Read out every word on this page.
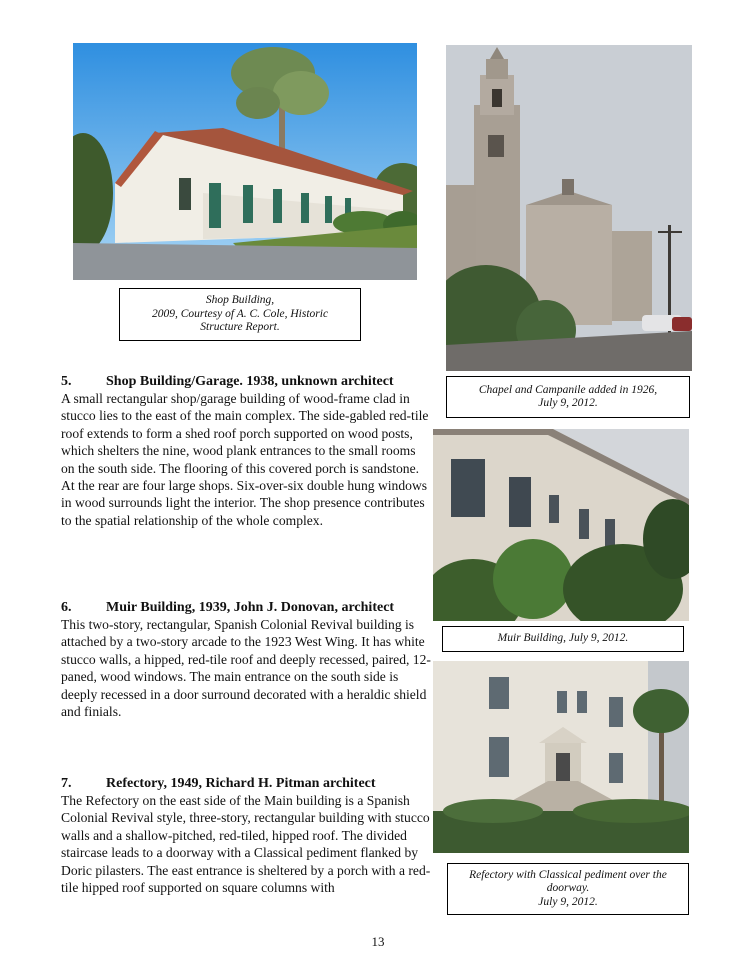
Shop Building,
2009, Courtesy of A. C. Cole, Historic
Structure Report.
Chapel and Campanile added in 1926,
July 9, 2012.
Muir Building, July 9, 2012.
Refectory with Classical pediment over the
doorway.
July 9, 2012.
5.	Shop Building/Garage. 1938, unknown architect
A small rectangular shop/garage building of wood-frame clad in stucco lies to the east of the main complex. The side-gabled red-tile roof extends to form a shed roof porch supported on wood posts, which shelters the nine, wood plank entrances to the small rooms on the south side. The flooring of this covered porch is sandstone. At the rear are four large shops. Six-over-six double hung windows in wood surrounds light the interior. The shop presence contributes to the spatial relationship of the whole complex.
6.	Muir Building, 1939, John J. Donovan, architect
This two-story, rectangular, Spanish Colonial Revival building is attached by a two-story arcade to the 1923 West Wing. It has white stucco walls, a hipped, red-tile roof and deeply recessed, paired, 12-paned, wood windows. The main entrance on the south side is deeply recessed in a door surround decorated with a heraldic shield and finials.
7.	Refectory, 1949, Richard H. Pitman architect
The Refectory on the east side of the Main building is a Spanish Colonial Revival style, three-story, rectangular building with stucco walls and a shallow-pitched, red-tiled, hipped roof. The divided staircase leads to a doorway with a Classical pediment flanked by Doric pilasters. The east entrance is sheltered by a porch with a red-tile hipped roof supported on square columns with
13
